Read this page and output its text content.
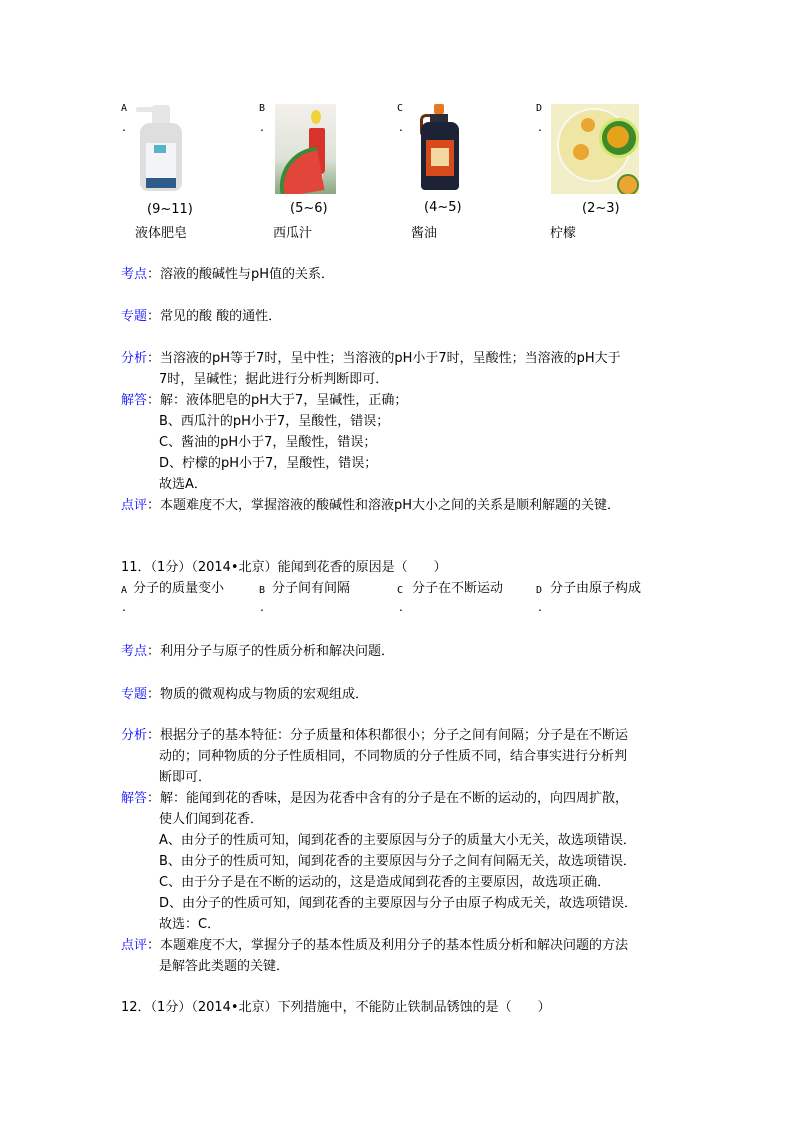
A
.
(9~11)
液体肥皂
B
.
(5~6)
西瓜汁
C
.
(4~5)
酱油
D
.
(2~3)
柠檬
考点：溶液的酸碱性与pH值的关系．
专题：常见的酸 酸的通性．
分析：当溶液的pH等于7时，呈中性；当溶液的pH小于7时，呈酸性；当溶液的pH大于
7时，呈碱性；据此进行分析判断即可．
解答：解：液体肥皂的pH大于7，呈碱性，正确；
B、西瓜汁的pH小于7，呈酸性，错误；
C、酱油的pH小于7，呈酸性，错误；
D、柠檬的pH小于7，呈酸性，错误；
故选A．
点评：本题难度不大，掌握溶液的酸碱性和溶液pH大小之间的关系是顺利解题的关键．
11．（1分）（2014•北京）能闻到花香的原因是（　　）
A 分子的质量变小
.
B 分子间有间隔
.
C 分子在不断运动
.
D 分子由原子构成
.
考点：利用分子与原子的性质分析和解决问题．
专题：物质的微观构成与物质的宏观组成．
分析：根据分子的基本特征：分子质量和体积都很小；分子之间有间隔；分子是在不断运
动的；同种物质的分子性质相同，不同物质的分子性质不同，结合事实进行分析判
断即可．
解答：解：能闻到花的香味，是因为花香中含有的分子是在不断的运动的，向四周扩散，
使人们闻到花香．
A、由分子的性质可知，闻到花香的主要原因与分子的质量大小无关，故选项错误．
B、由分子的性质可知，闻到花香的主要原因与分子之间有间隔无关，故选项错误．
C、由于分子是在不断的运动的，这是造成闻到花香的主要原因，故选项正确．
D、由分子的性质可知，闻到花香的主要原因与分子由原子构成无关，故选项错误．
故选：C．
点评：本题难度不大，掌握分子的基本性质及利用分子的基本性质分析和解决问题的方法
是解答此类题的关键．
12．（1分）（2014•北京）下列措施中，不能防止铁制品锈蚀的是（　　）
